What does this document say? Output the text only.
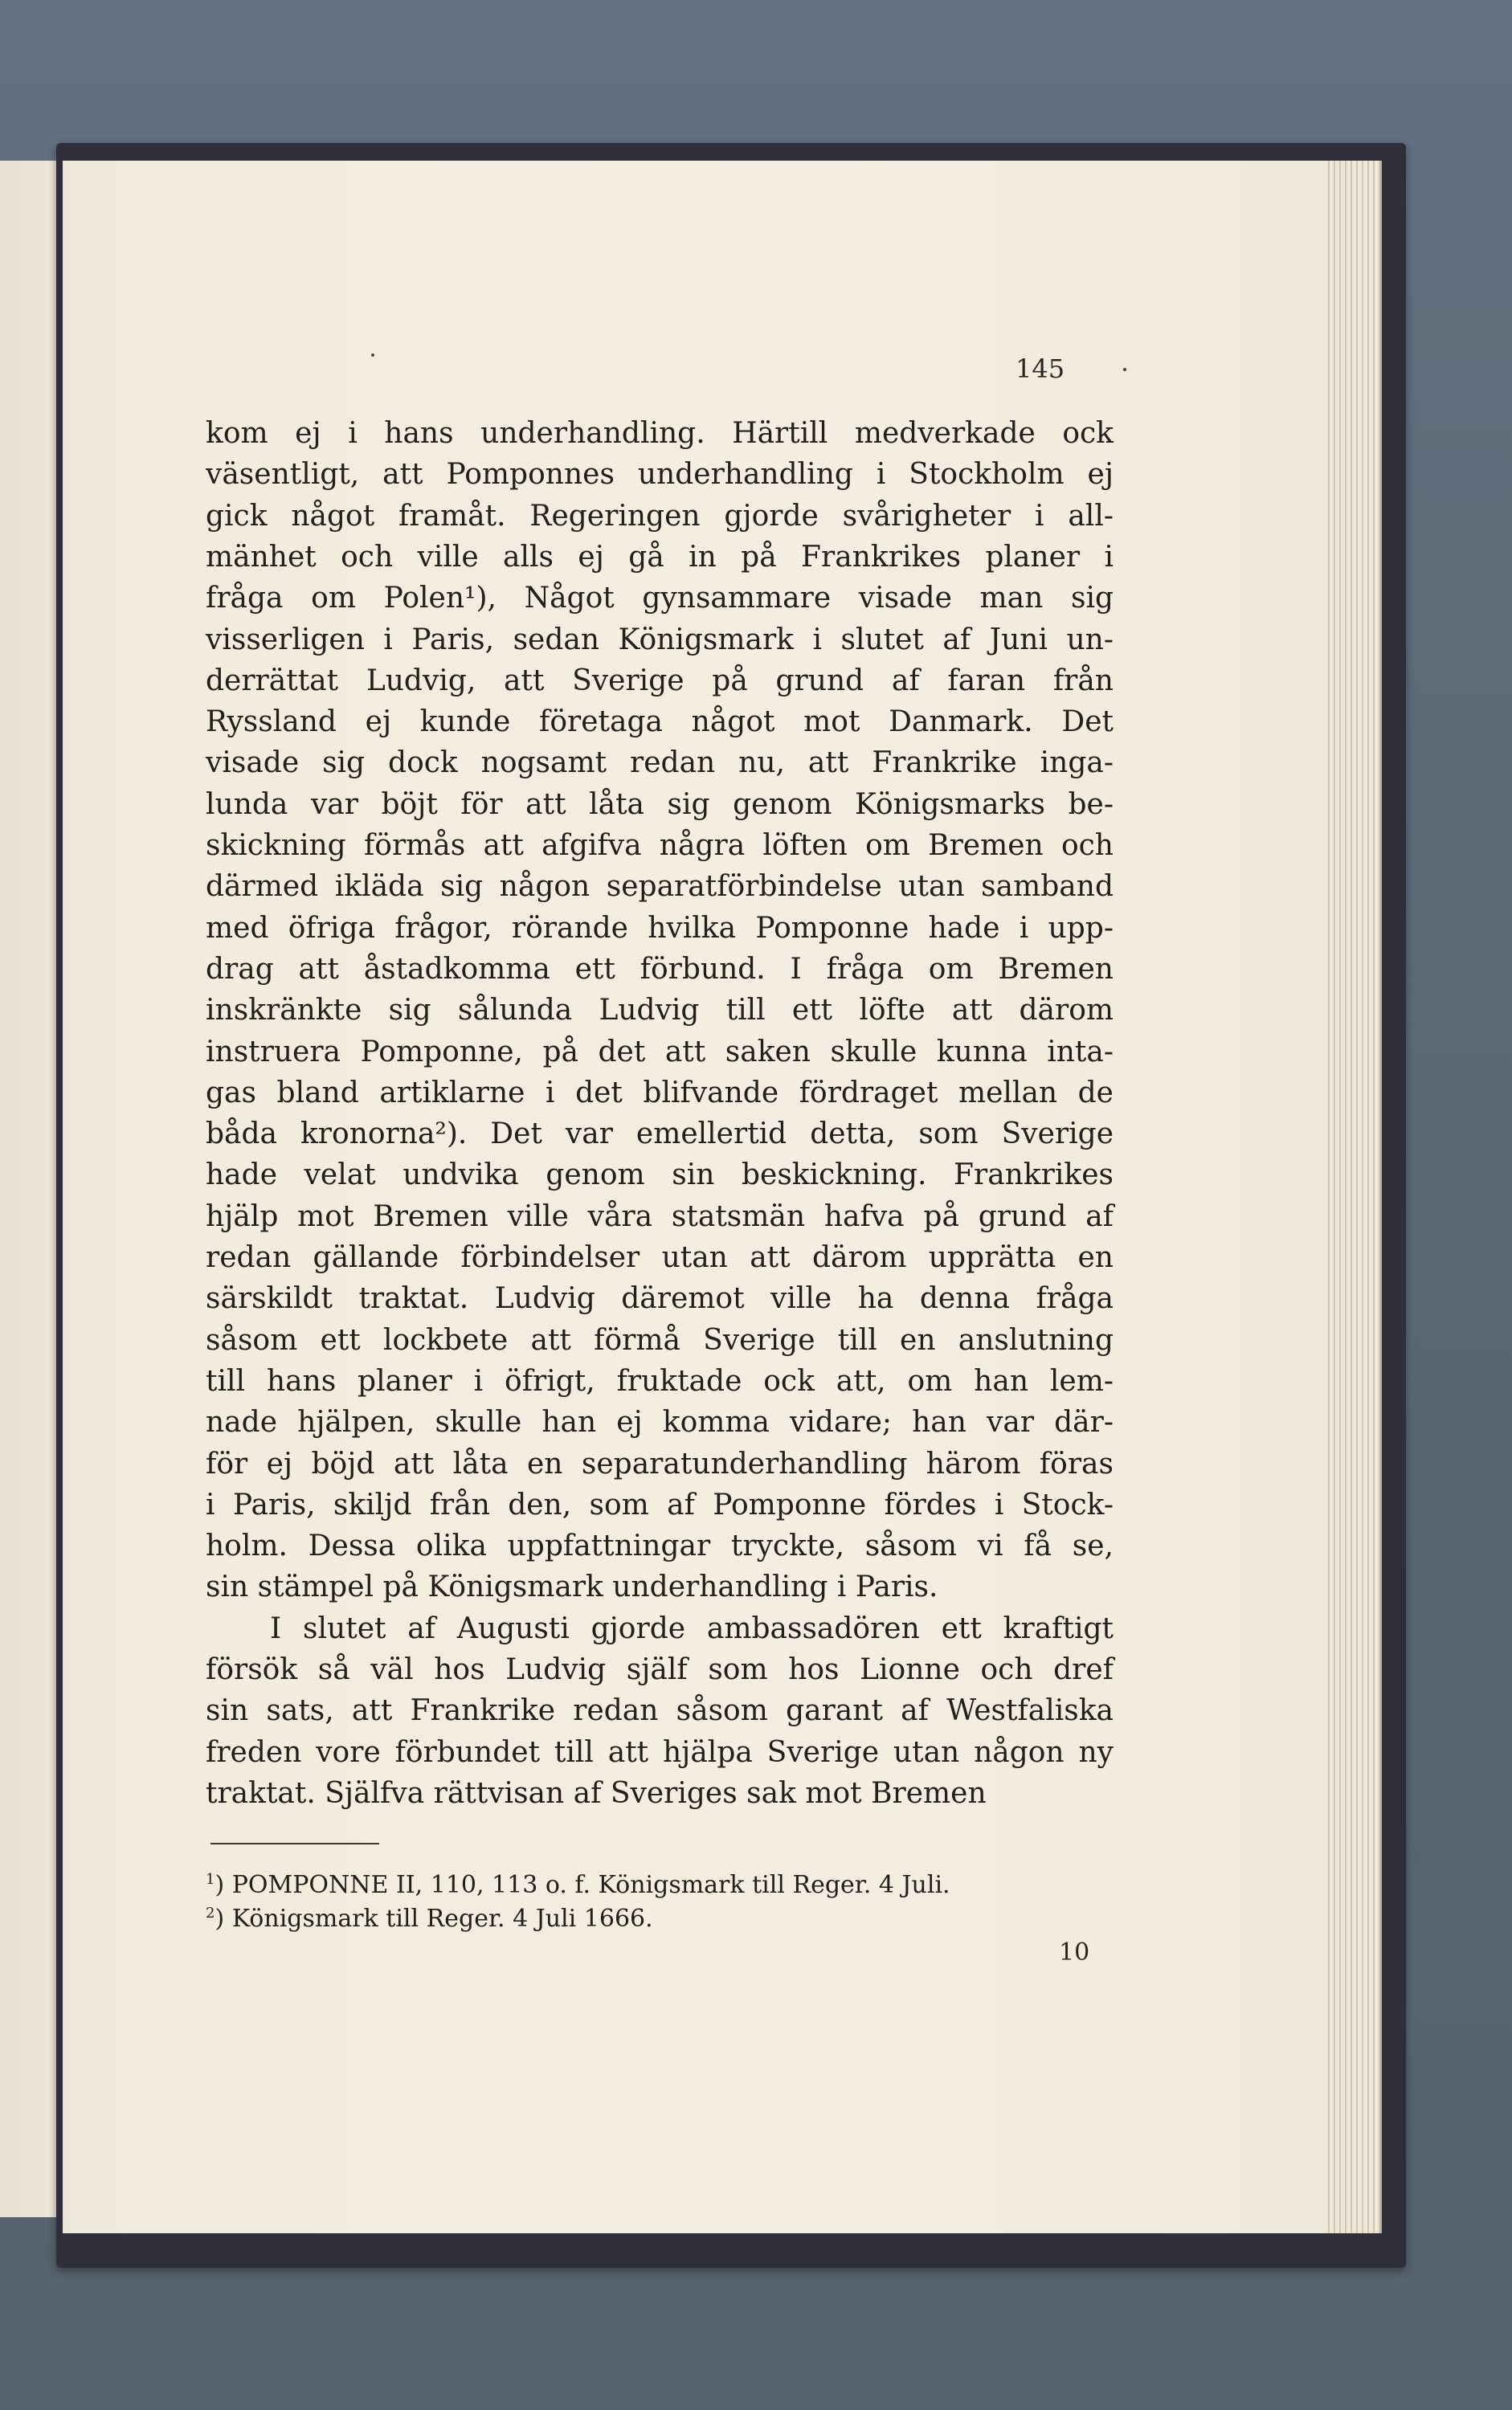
145
kom ej i hans underhandling. Härtill medverkade ock
väsentligt, att Pomponnes underhandling i Stockholm ej
gick något framåt. Regeringen gjorde svårigheter i all-
mänhet och ville alls ej gå in på Frankrikes planer i
fråga om Polen¹), Något gynsammare visade man sig
visserligen i Paris, sedan Königsmark i slutet af Juni un-
derrättat Ludvig, att Sverige på grund af faran från
Ryssland ej kunde företaga något mot Danmark. Det
visade sig dock nogsamt redan nu, att Frankrike inga-
lunda var böjt för att låta sig genom Königsmarks be-
skickning förmås att afgifva några löften om Bremen och
därmed ikläda sig någon separatförbindelse utan samband
med öfriga frågor, rörande hvilka Pomponne hade i upp-
drag att åstadkomma ett förbund. I fråga om Bremen
inskränkte sig sålunda Ludvig till ett löfte att därom
instruera Pomponne, på det att saken skulle kunna inta-
gas bland artiklarne i det blifvande fördraget mellan de
båda kronorna²). Det var emellertid detta, som Sverige
hade velat undvika genom sin beskickning. Frankrikes
hjälp mot Bremen ville våra statsmän hafva på grund af
redan gällande förbindelser utan att därom upprätta en
särskildt traktat. Ludvig däremot ville ha denna fråga
såsom ett lockbete att förmå Sverige till en anslutning
till hans planer i öfrigt, fruktade ock att, om han lem-
nade hjälpen, skulle han ej komma vidare; han var där-
för ej böjd att låta en separatunderhandling härom föras
i Paris, skiljd från den, som af Pomponne fördes i Stock-
holm. Dessa olika uppfattningar tryckte, såsom vi få se,
sin stämpel på Königsmark underhandling i Paris.
I slutet af Augusti gjorde ambassadören ett kraftigt
försök så väl hos Ludvig själf som hos Lionne och dref
sin sats, att Frankrike redan såsom garant af Westfaliska
freden vore förbundet till att hjälpa Sverige utan någon ny
traktat. Själfva rättvisan af Sveriges sak mot Bremen
$^1$) POMPONNE II, 110, 113 o. f. Königsmark till Reger. 4 Juli.
$^2$) Königsmark till Reger. 4 Juli 1666.
10
